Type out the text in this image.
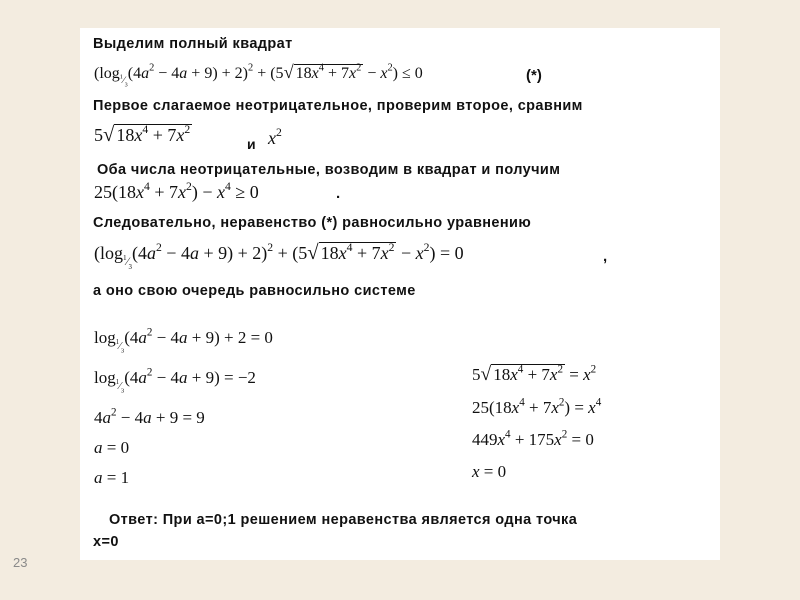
23
Выделим полный квадрат
$(\log_{^1⁄_3}(4a^2 - 4a + 9) + 2)^2 + (5√$ $18x^4 + 7x^2 - x^2) \le 0$	(*)
Первое слагаемое неотрицательное, проверим второе, сравним
5√ $18x^4 + 7x^2$
и $x^2$
Оба числа неотрицательные, возводим в квадрат и получим
$25(18x^4 + 7x^2) - x^4 \ge 0$	.
Следовательно, неравенство (*) равносильно уравнению
$(\log_{^1⁄_3}(4a^2 - 4a + 9) + 2)^2 + (5√$ $18x^4 + 7x^2 - x^2) = 0$	,
а оно свою очередь равносильно системе
$\log_{^1⁄_3}(4a^2 - 4a + 9) + 2 = 0$
$\log_{^1⁄_3}(4a^2 - 4a + 9) = -2$
$4a^2 - 4a + 9 = 9$
a = 0
a = 1
5√ $18x^4 + 7x^2 = x^2$
$25(18x^4 + 7x^2) = x^4$
$449x^4 + 175x^2 = 0$
x = 0
Ответ: При а=0;1 решением неравенства является одна точка
х=0
